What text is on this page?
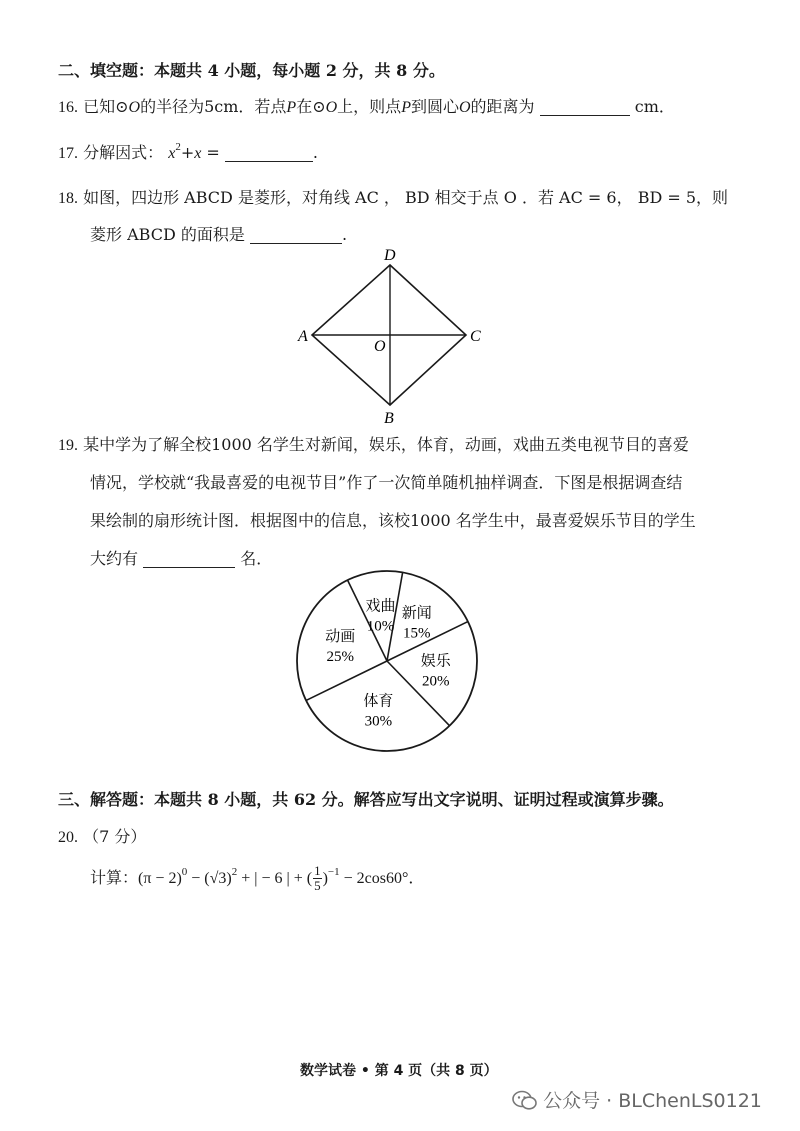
二、填空题：本题共 4 小题，每小题 2 分，共 8 分。
16. 已知⊙O的半径为5cm．若点P在⊙O上，则点P到圆心O的距离为	cm．
17. 分解因式： $x^2+x$ =	.
18. 如图，四边形 ABCD 是菱形，对角线 AC ， BD 相交于点 O ．若 AC = 6， BD = 5，则
菱形 ABCD 的面积是	.
D
A	C
B
O
19. 某中学为了解全校1000 名学生对新闻，娱乐，体育，动画，戏曲五类电视节目的喜爱
情况，学校就“我最喜爱的电视节目”作了一次简单随机抽样调查．下图是根据调查结
果绘制的扇形统计图．根据图中的信息，该校1000 名学生中，最喜爱娱乐节目的学生
大约有	名．
新闻
15%
娱乐
20%
体育
30%
动画
25%
戏曲
10%
三、解答题：本题共 8 小题，共 62 分。解答应写出文字说明、证明过程或演算步骤。
20. （7 分）
计算：$(\pi - 2)^0 - (√3)^2$ + | − 6 | + ( $\frac{1}{5} )^{-1} - 2\cos 60^\circ$．
数学试卷 • 第 4 页（共 8 页）
公众号 · BLChenLS0121
